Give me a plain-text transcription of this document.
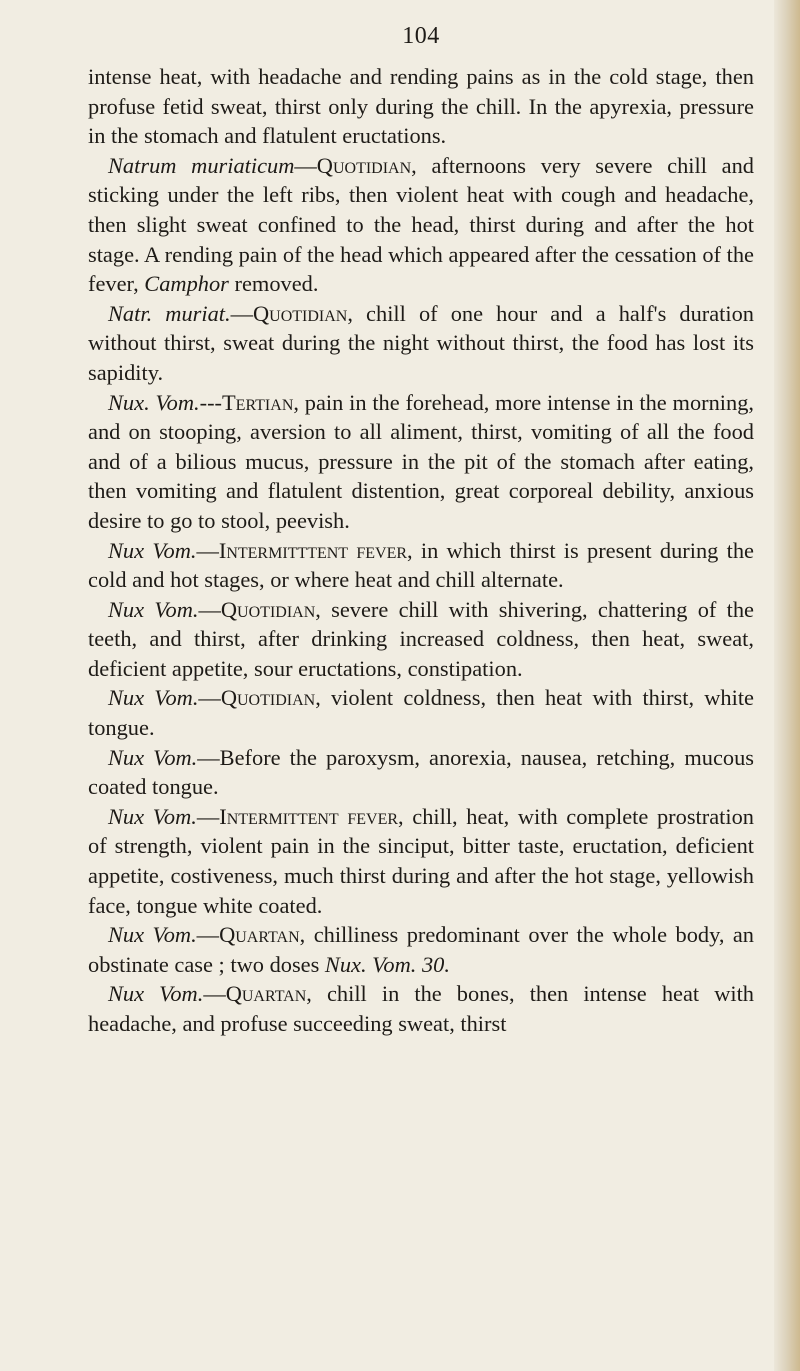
104

intense heat, with headache and rending pains as in the cold stage, then profuse fetid sweat, thirst only during the chill. In the apyrexia, pressure in the stomach and flatulent eructations.

Natrum muriaticum—Quotidian, afternoons very severe chill and sticking under the left ribs, then violent heat with cough and headache, then slight sweat confined to the head, thirst during and after the hot stage. A rending pain of the head which appeared after the cessation of the fever, Camphor removed.

Natr. muriat.—Quotidian, chill of one hour and a half's duration without thirst, sweat during the night without thirst, the food has lost its sapidity.

Nux. Vom.---Tertian, pain in the forehead, more intense in the morning, and on stooping, aversion to all aliment, thirst, vomiting of all the food and of a bilious mucus, pressure in the pit of the stomach after eating, then vomiting and flatulent distention, great corporeal debility, anxious desire to go to stool, peevish.

Nux Vom.—Intermitttent fever, in which thirst is present during the cold and hot stages, or where heat and chill alternate.

Nux Vom.—Quotidian, severe chill with shivering, chattering of the teeth, and thirst, after drinking increased coldness, then heat, sweat, deficient appetite, sour eructations, constipation.

Nux Vom.—Quotidian, violent coldness, then heat with thirst, white tongue.

Nux Vom.—Before the paroxysm, anorexia, nausea, retching, mucous coated tongue.

Nux Vom.—Intermittent fever, chill, heat, with complete prostration of strength, violent pain in the sinciput, bitter taste, eructation, deficient appetite, costiveness, much thirst during and after the hot stage, yellowish face, tongue white coated.

Nux Vom.—Quartan, chilliness predominant over the whole body, an obstinate case ; two doses Nux. Vom. 30.

Nux Vom.—Quartan, chill in the bones, then intense heat with headache, and profuse succeeding sweat, thirst
